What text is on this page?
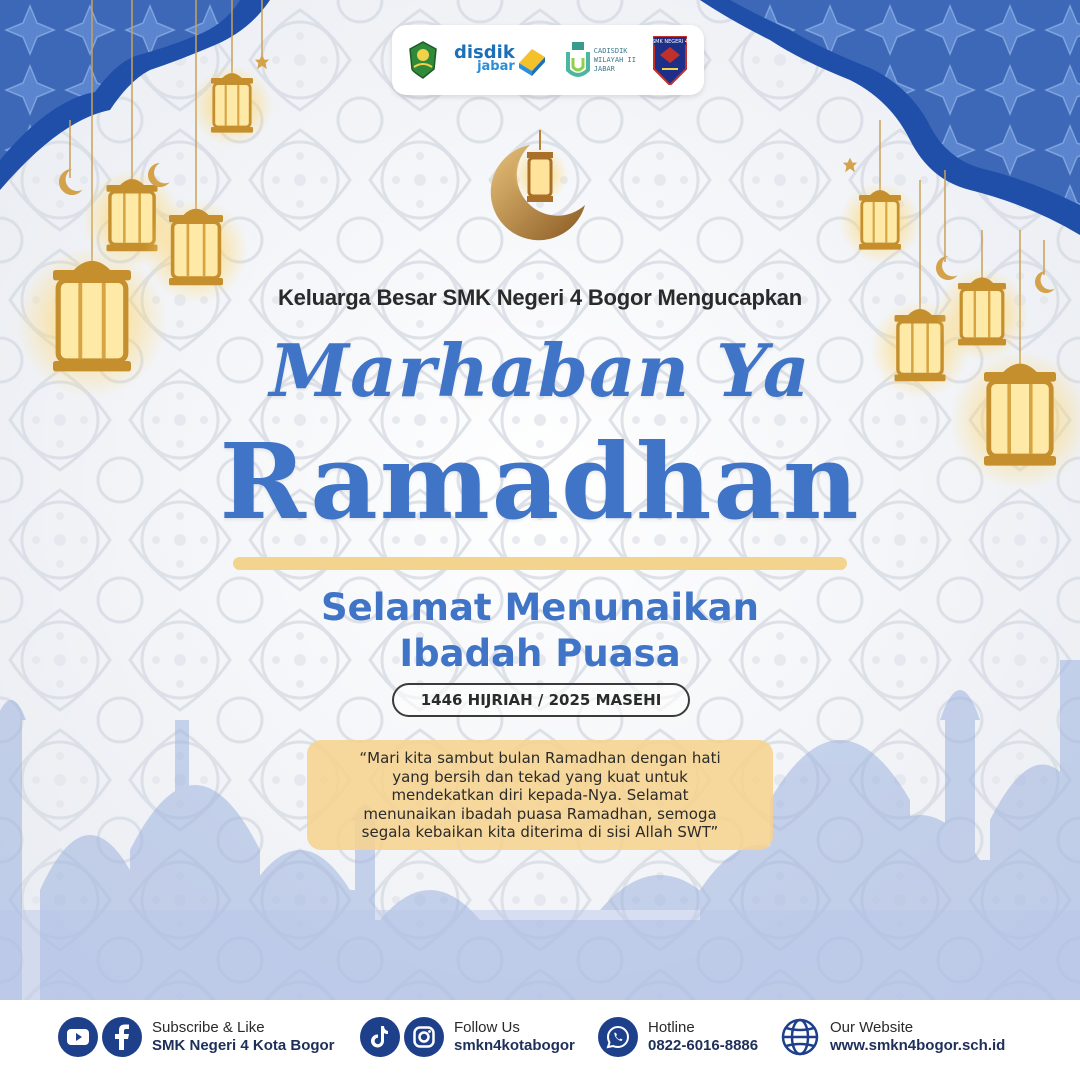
disdik
jabar
CADISDIK
WILAYAH II
JABAR
SMK NEGERI 4
Keluarga Besar SMK Negeri 4 Bogor Mengucapkan
Marhaban Ya
Ramadhan
Selamat Menunaikan
Ibadah Puasa
1446 HIJRIAH / 2025 MASEHI
“Mari kita sambut bulan Ramadhan dengan hati
yang bersih dan tekad yang kuat untuk
mendekatkan diri kepada-Nya. Selamat
menunaikan ibadah puasa Ramadhan, semoga
segala kebaikan kita diterima di sisi Allah SWT”
Subscribe & Like
SMK Negeri 4 Kota Bogor
Follow Us
smkn4kotabogor
Hotline
0822-6016-8886
Our Website
www.smkn4bogor.sch.id
